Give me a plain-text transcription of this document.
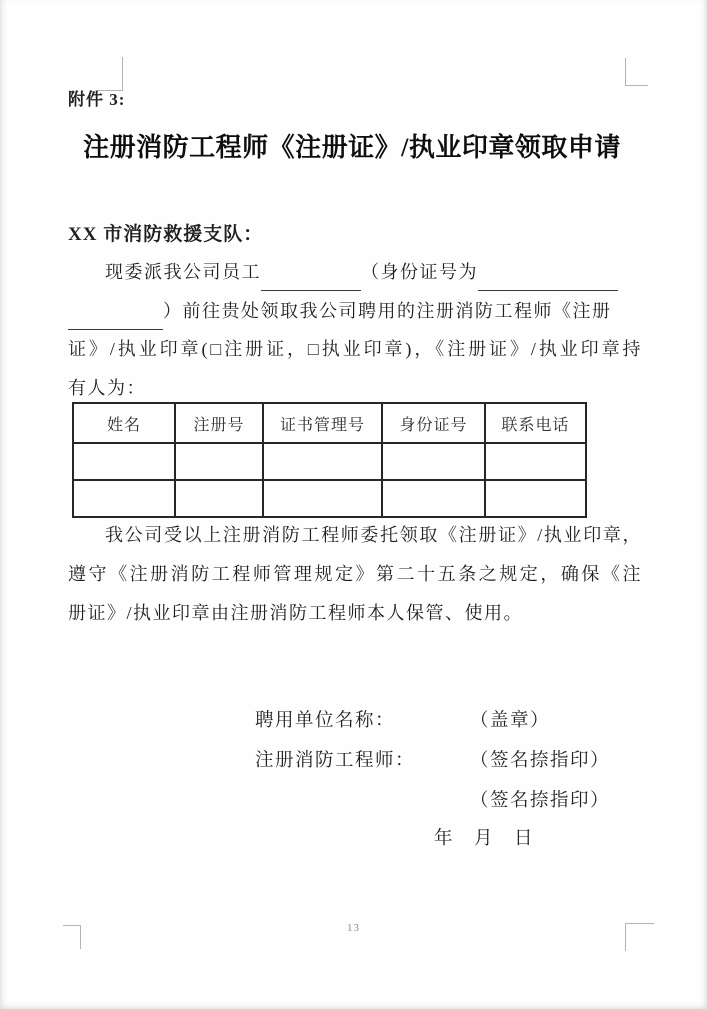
附件 3:
注册消防工程师《注册证》/执业印章领取申请
XX 市消防救援支队：
现委派我公司员工	（身份证号为
）前往贵处领取我公司聘用的注册消防工程师《注册
证》/执业印章(□注册证，□执业印章)，《注册证》/执业印章持
有人为：
姓名	注册号	证书管理号	身份证号	联系电话

我公司受以上注册消防工程师委托领取《注册证》/执业印章，
遵守《注册消防工程师管理规定》第二十五条之规定，确保《注
册证》/执业印章由注册消防工程师本人保管、使用。
聘用单位名称：	（盖章）
注册消防工程师：	（签名捺指印）
（签名捺指印）
年　月　日
13
